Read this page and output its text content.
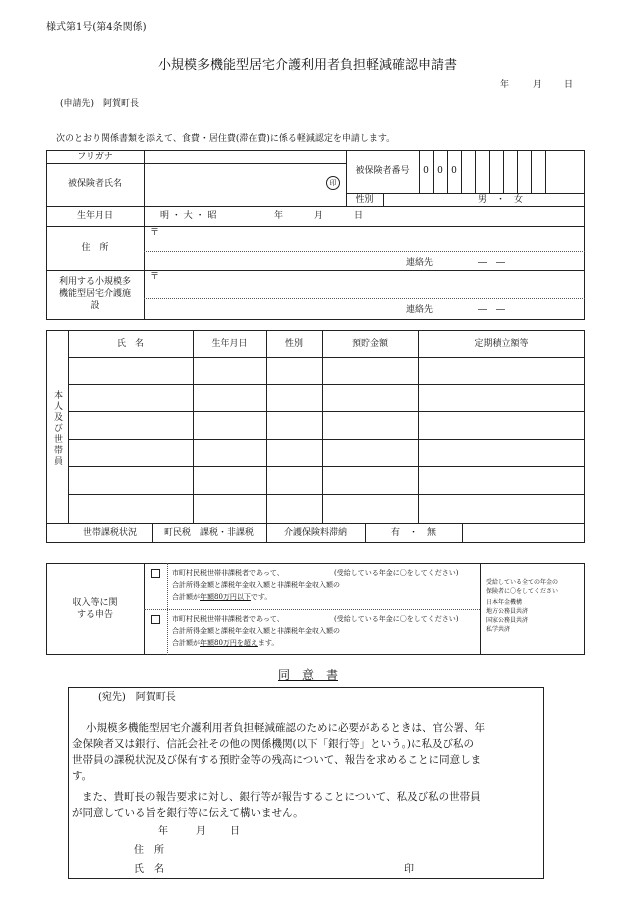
様式第1号(第4条関係)
小規模多機能型居宅介護利用者負担軽減確認申請書
年	月 日
(申請先)　阿賀町長
次のとおり関係書類を添えて、食費・居住費(滞在費)に係る軽減認定を申請します。
フリガナ
被保険者氏名	印
被保険者番号	0 0 0
性別	男 ・ 女
生年月日	明 ・ 大 ・ 昭	年	月	日
住　所
〒
連絡先	―　―
利用する小規模多
機能型居宅介護施
設
〒
連絡先	―　―
本人及び世帯員
氏　名	生年月日	性別	預貯金額	定期積立額等
世帯課税状況	町民税　課税・非課税	介護保険料滞納	有　・　無
収入等に関
する申告
市町村民税世帯非課税者であって、	(受給している年金に〇をしてください)
合計所得金額と課税年金収入額と非課税年金収入額の
合計額が年額80万円以下です。
市町村民税世帯非課税者であって、	(受給している年金に〇をしてください)
合計所得金額と課税年金収入額と非課税年金収入額の
合計額が年額80万円を超えます。
受給している全ての年金の
保険者に〇をしてください
日本年金機構
地方公務員共済
国家公務員共済
私学共済
同　意　書
(宛先)　阿賀町長
小規模多機能型居宅介護利用者負担軽減確認のために必要があるときは、官公署、年
金保険者又は銀行、信託会社その他の関係機関(以下「銀行等」という。)に私及び私の
世帯員の課税状況及び保有する預貯金等の残高について、報告を求めることに同意しま
す。
また、貴町長の報告要求に対し、銀行等が報告することについて、私及び私の世帯員
が同意している旨を銀行等に伝えて構いません。
年	月 日
住　所
氏　名	印
